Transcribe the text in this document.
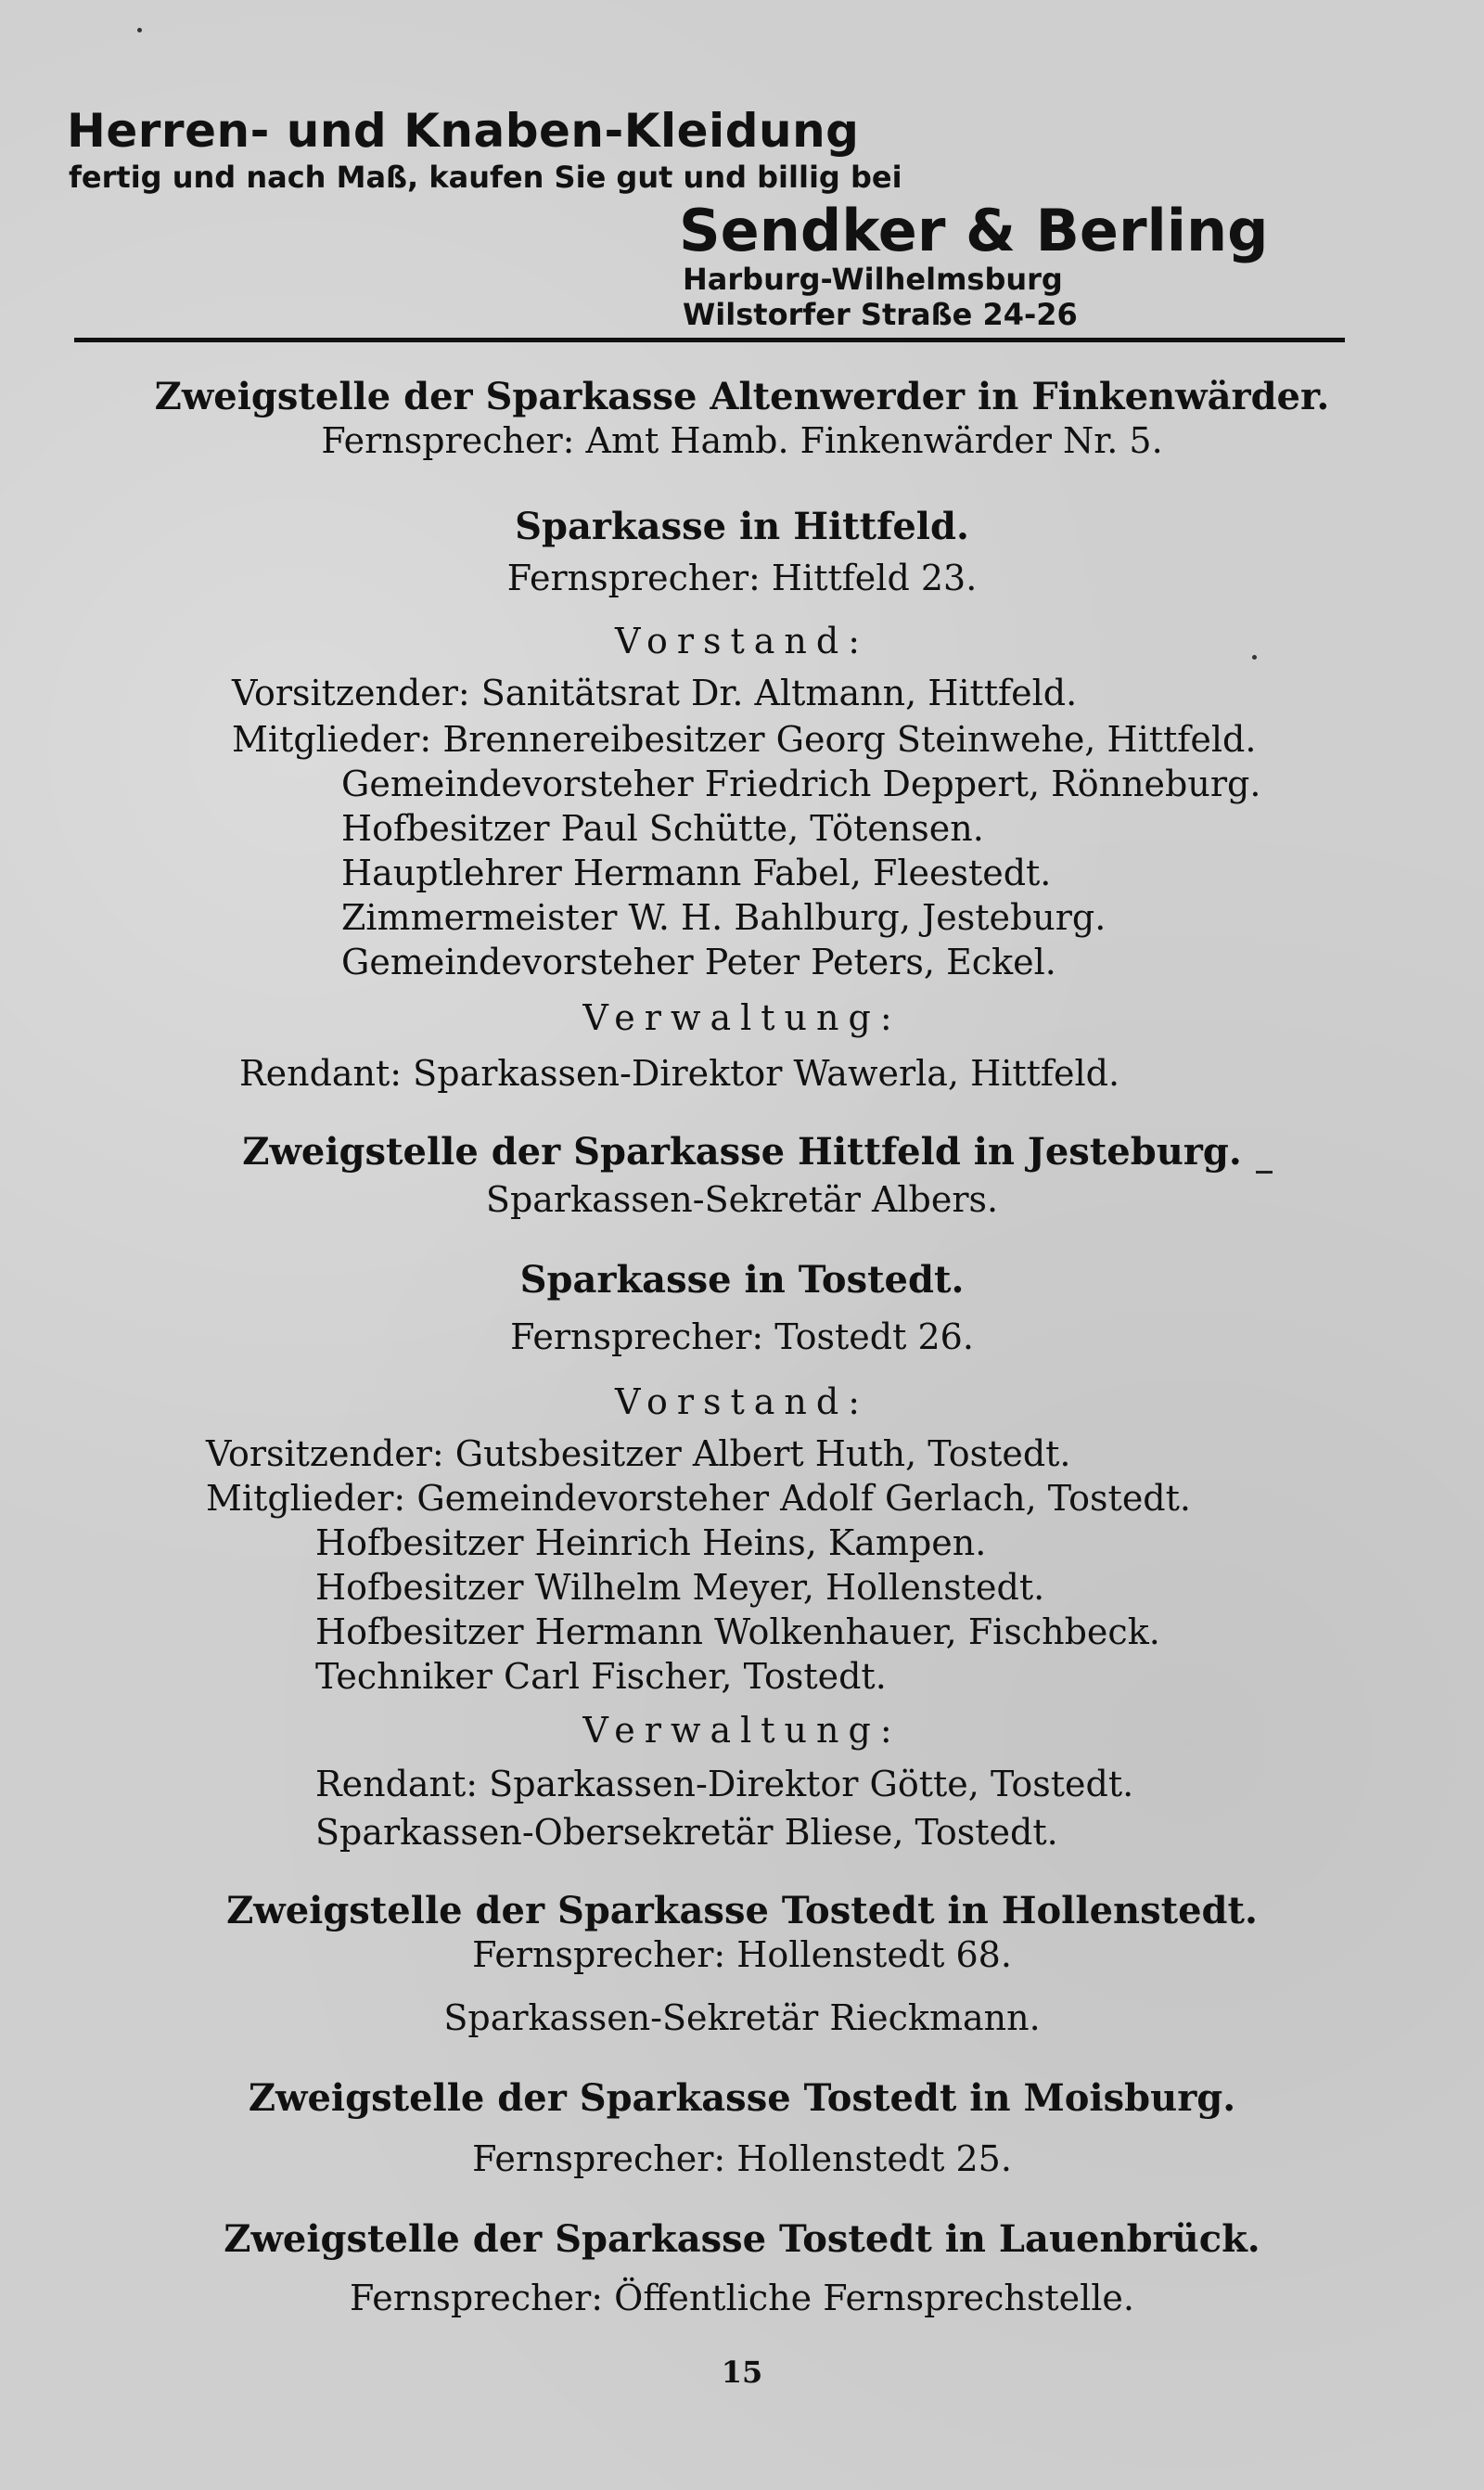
Herren- und Knaben-Kleidung
fertig und nach Maß, kaufen Sie gut und billig bei
Sendker & Berling
Harburg-Wilhelmsburg
Wilstorfer Straße 24-26
Zweigstelle der Sparkasse Altenwerder in Finkenwärder.
Fernsprecher: Amt Hamb. Finkenwärder Nr. 5.
Sparkasse in Hittfeld.
Fernsprecher: Hittfeld 23.
Vorstand:
Vorsitzender: Sanitätsrat Dr. Altmann, Hittfeld.
Mitglieder: Brennereibesitzer Georg Steinwehe, Hittfeld.
Gemeindevorsteher Friedrich Deppert, Rönneburg.
Hofbesitzer Paul Schütte, Tötensen.
Hauptlehrer Hermann Fabel, Fleestedt.
Zimmermeister W. H. Bahlburg, Jesteburg.
Gemeindevorsteher Peter Peters, Eckel.
Verwaltung:
Rendant: Sparkassen-Direktor Wawerla, Hittfeld.
Zweigstelle der Sparkasse Hittfeld in Jesteburg.
Sparkassen-Sekretär Albers.
Sparkasse in Tostedt.
Fernsprecher: Tostedt 26.
Vorstand:
Vorsitzender: Gutsbesitzer Albert Huth, Tostedt.
Mitglieder: Gemeindevorsteher Adolf Gerlach, Tostedt.
Hofbesitzer Heinrich Heins, Kampen.
Hofbesitzer Wilhelm Meyer, Hollenstedt.
Hofbesitzer Hermann Wolkenhauer, Fischbeck.
Techniker Carl Fischer, Tostedt.
Verwaltung:
Rendant: Sparkassen-Direktor Götte, Tostedt.
Sparkassen-Obersekretär Bliese, Tostedt.
Zweigstelle der Sparkasse Tostedt in Hollenstedt.
Fernsprecher: Hollenstedt 68.
Sparkassen-Sekretär Rieckmann.
Zweigstelle der Sparkasse Tostedt in Moisburg.
Fernsprecher: Hollenstedt 25.
Zweigstelle der Sparkasse Tostedt in Lauenbrück.
Fernsprecher: Öffentliche Fernsprechstelle.
15
